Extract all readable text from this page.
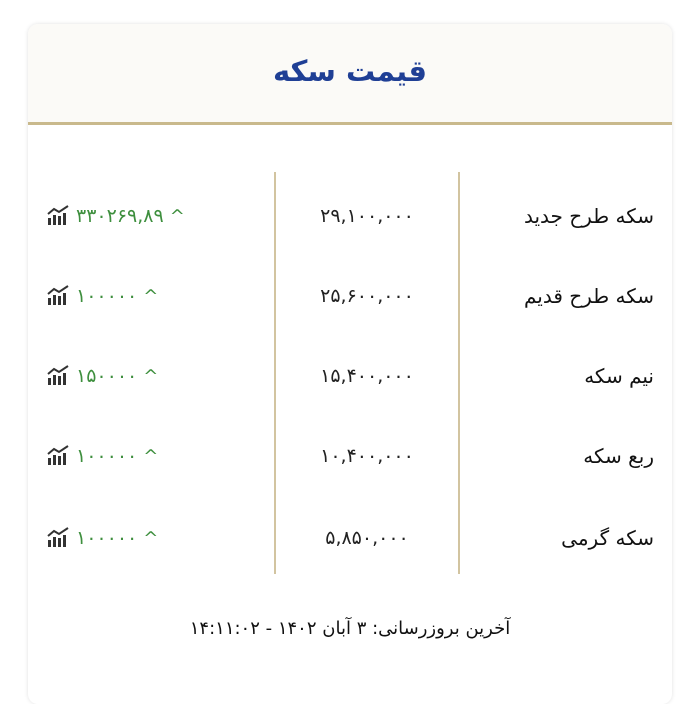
قیمت سکه
سکه طرح جدید
۲۹,۱۰۰,۰۰۰
۳۳۰۲۶۹,۸۹ ^
سکه طرح قدیم
۲۵,۶۰۰,۰۰۰
۱۰۰۰۰۰ ^
نیم سکه
۱۵,۴۰۰,۰۰۰
۱۵۰۰۰۰ ^
ربع سکه
۱۰,۴۰۰,۰۰۰
۱۰۰۰۰۰ ^
سکه گرمی
۵,۸۵۰,۰۰۰
۱۰۰۰۰۰ ^
آخرین بروزرسانی: ۳ آبان ۱۴۰۲ - ۱۴:۱۱:۰۲
